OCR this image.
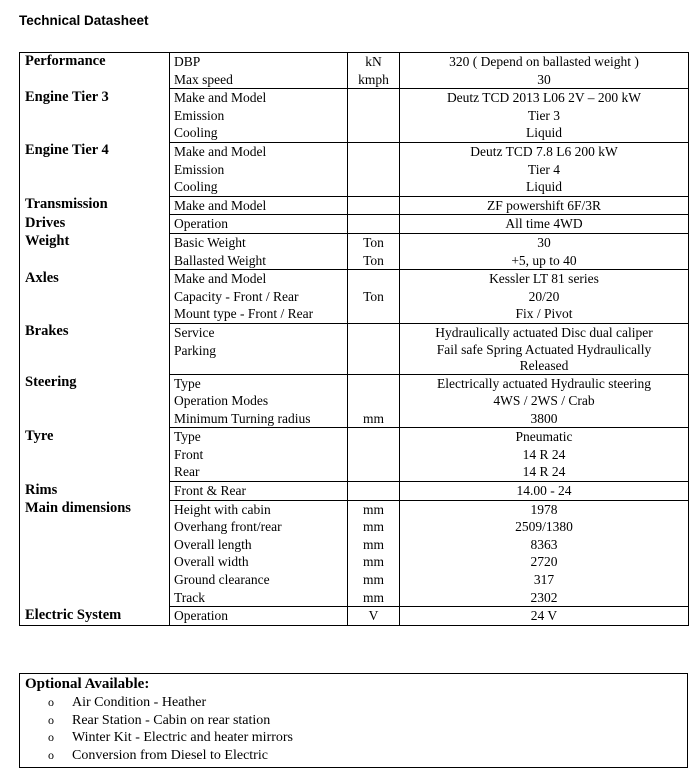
Technical Datasheet
Performance	DBP	kN	320 ( Depend on ballasted weight )
	Max speed	kmph	30
Engine Tier 3	Make and Model		Deutz TCD 2013 L06 2V – 200 kW
	Emission		Tier 3
	Cooling		Liquid
Engine Tier 4	Make and Model		Deutz TCD 7.8 L6 200 kW
	Emission		Tier 4
	Cooling		Liquid
Transmission	Make and Model		ZF powershift 6F/3R
Drives	Operation		All time 4WD
Weight	Basic Weight	Ton	30
	Ballasted Weight	Ton	+5, up to 40
Axles	Make and Model		Kessler LT 81 series
	Capacity - Front / Rear	Ton	20/20
	Mount type - Front / Rear		Fix / Pivot
Brakes	Service		Hydraulically actuated Disc dual caliper
	Parking		Fail safe Spring Actuated Hydraulically
Released

Steering	Type		Electrically actuated Hydraulic steering
	Operation Modes		4WS / 2WS / Crab
	Minimum Turning radius	mm	3800
Tyre	Type		Pneumatic
	Front		14 R 24
	Rear		14 R 24
Rims	Front & Rear		14.00 - 24
Main dimensions	Height with cabin	mm	1978
	Overhang front/rear	mm	2509/1380
	Overall length	mm	8363
	Overall width	mm	2720
	Ground clearance	mm	317
	Track	mm	2302
Electric System	Operation	V	24 V
Optional Available:
o Air Condition - Heather
o Rear Station - Cabin on rear station
o Winter Kit - Electric and heater mirrors
o Conversion from Diesel to Electric
